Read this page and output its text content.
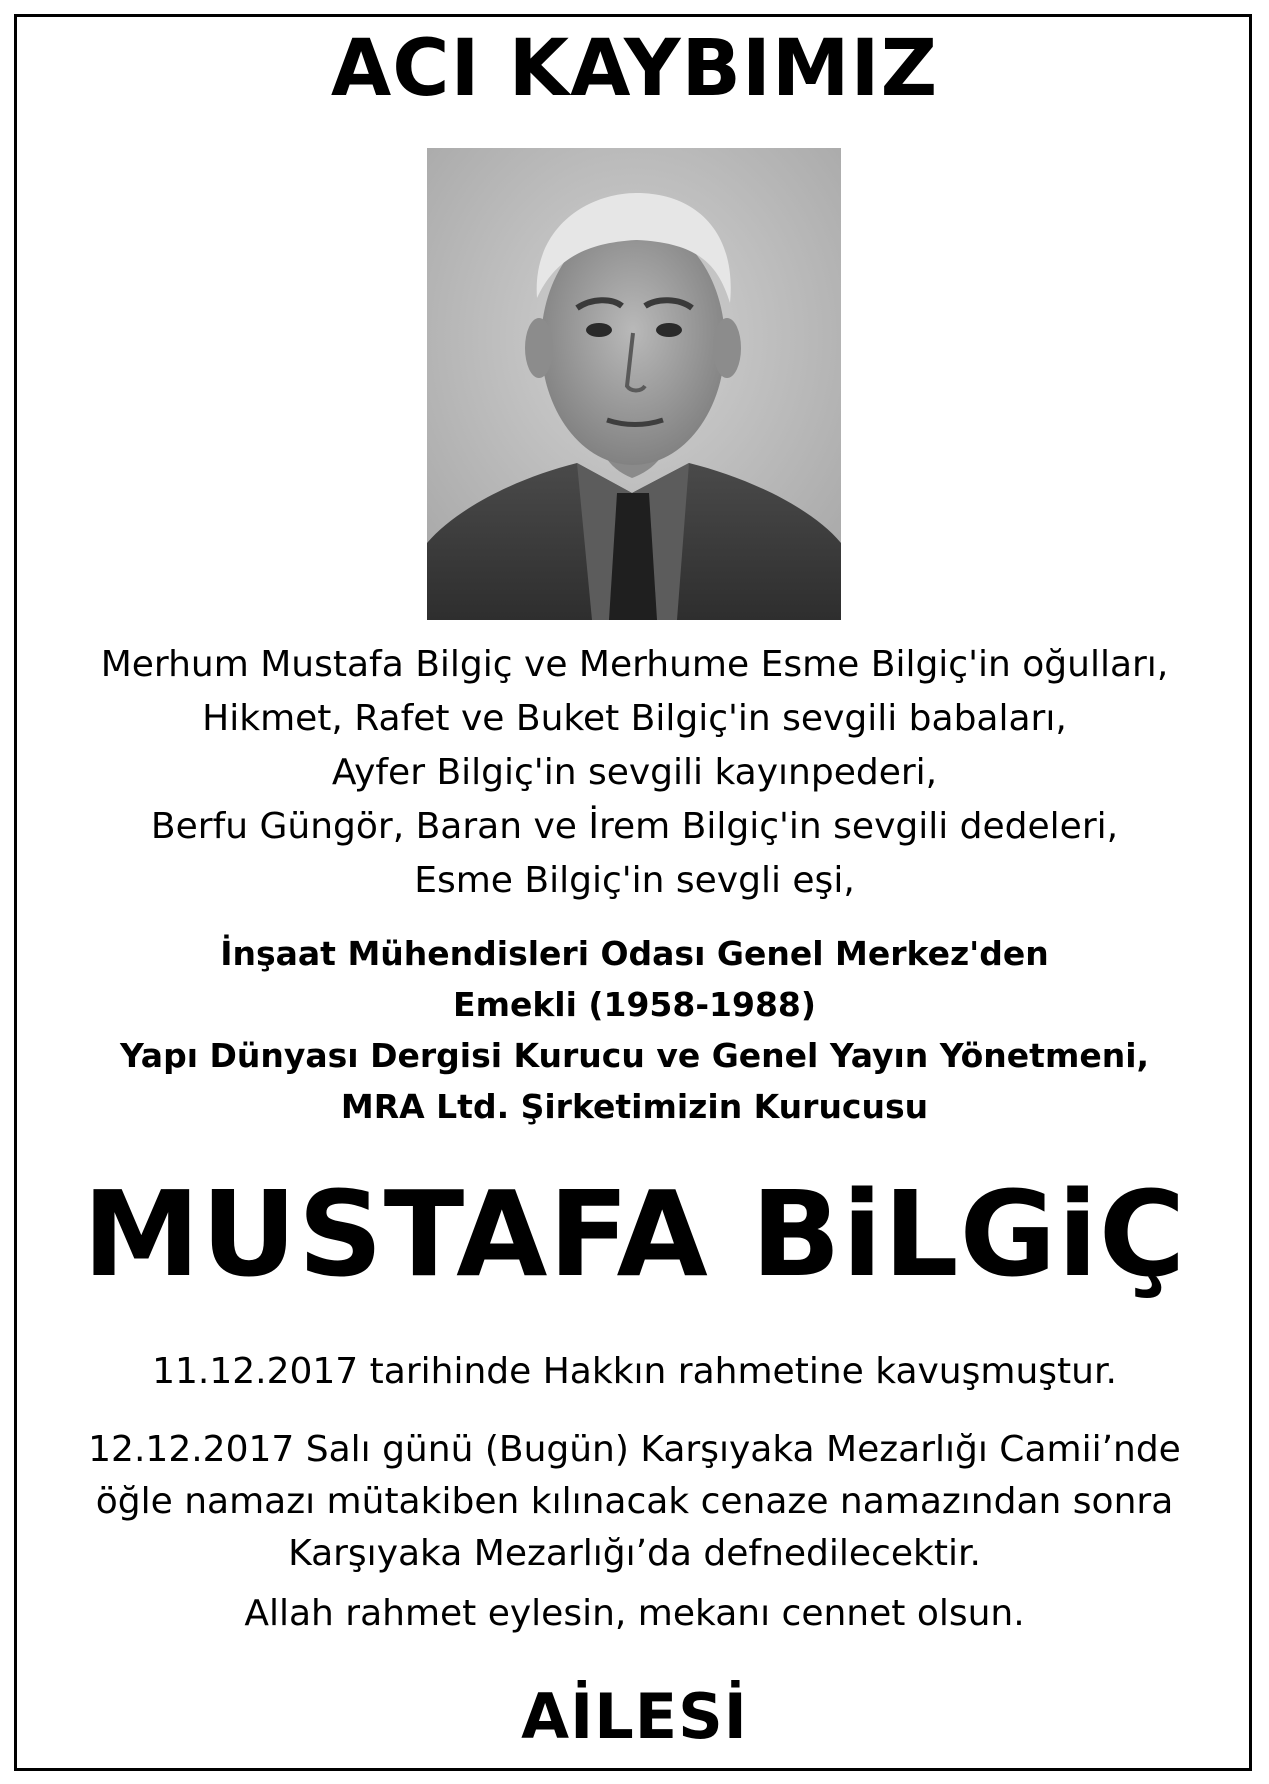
ACI KAYBIMIZ
Merhum Mustafa Bilgiç ve Merhume Esme Bilgiç'in oğulları,
Hikmet, Rafet ve Buket Bilgiç'in sevgili babaları,
Ayfer Bilgiç'in sevgili kayınpederi,
Berfu Güngör, Baran ve İrem Bilgiç'in sevgili dedeleri,
Esme Bilgiç'in sevgli eşi,
İnşaat Mühendisleri Odası Genel Merkez'den
Emekli (1958-1988)
Yapı Dünyası Dergisi Kurucu ve Genel Yayın Yönetmeni,
MRA Ltd. Şirketimizin Kurucusu
MUSTAFA BiLGiÇ
11.12.2017 tarihinde Hakkın rahmetine kavuşmuştur.
12.12.2017 Salı günü (Bugün) Karşıyaka Mezarlığı Camii’nde
öğle namazı mütakiben kılınacak cenaze namazından sonra
Karşıyaka Mezarlığı’da defnedilecektir.
Allah rahmet eylesin, mekanı cennet olsun.
AİLESİ
